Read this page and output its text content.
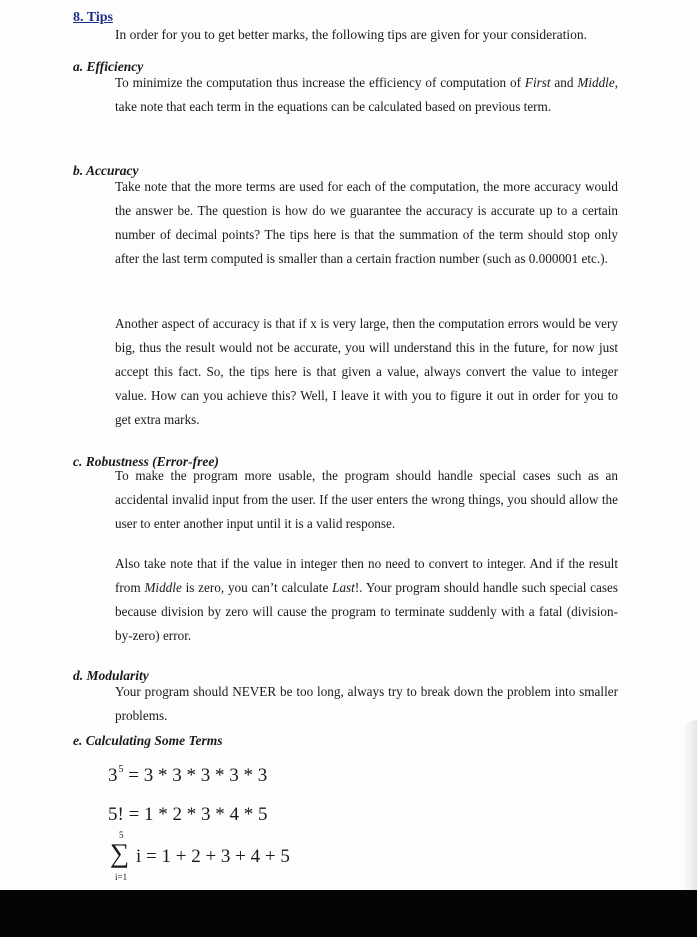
8. Tips
In order for you to get better marks, the following tips are given for your consideration.
a. Efficiency

To minimize the computation thus increase the efficiency of computation of First and Middle, take note that each term in the equations can be calculated based on previous term.

b. Accuracy

Take note that the more terms are used for each of the computation, the more accuracy would the answer be. The question is how do we guarantee the accuracy is accurate up to a certain number of decimal points? The tips here is that the summation of the term should stop only after the last term computed is smaller than a certain fraction number (such as 0.000001 etc.).

Another aspect of accuracy is that if x is very large, then the computation errors would be very big, thus the result would not be accurate, you will understand this in the future, for now just accept this fact. So, the tips here is that given a value, always convert the value to integer value. How can you achieve this? Well, I leave it with you to figure it out in order for you to get extra marks.

c. Robustness (Error-free)

To make the program more usable, the program should handle special cases such as an accidental invalid input from the user. If the user enters the wrong things, you should allow the user to enter another input until it is a valid response.

Also take note that if the value in integer then no need to convert to integer. And if the result from Middle is zero, you can’t calculate Last!. Your program should handle such special cases because division by zero will cause the program to terminate suddenly with a fatal (division-by-zero) error.

d. Modularity

Your program should NEVER be too long, always try to break down the problem into smaller problems.

e. Calculating Some Terms
$3^5 = 3 * 3 * 3 * 3 * 3$
5! = 1 * 2 * 3 * 4 * 5
5
∑
i=1
i = 1 + 2 + 3 + 4 + 5
